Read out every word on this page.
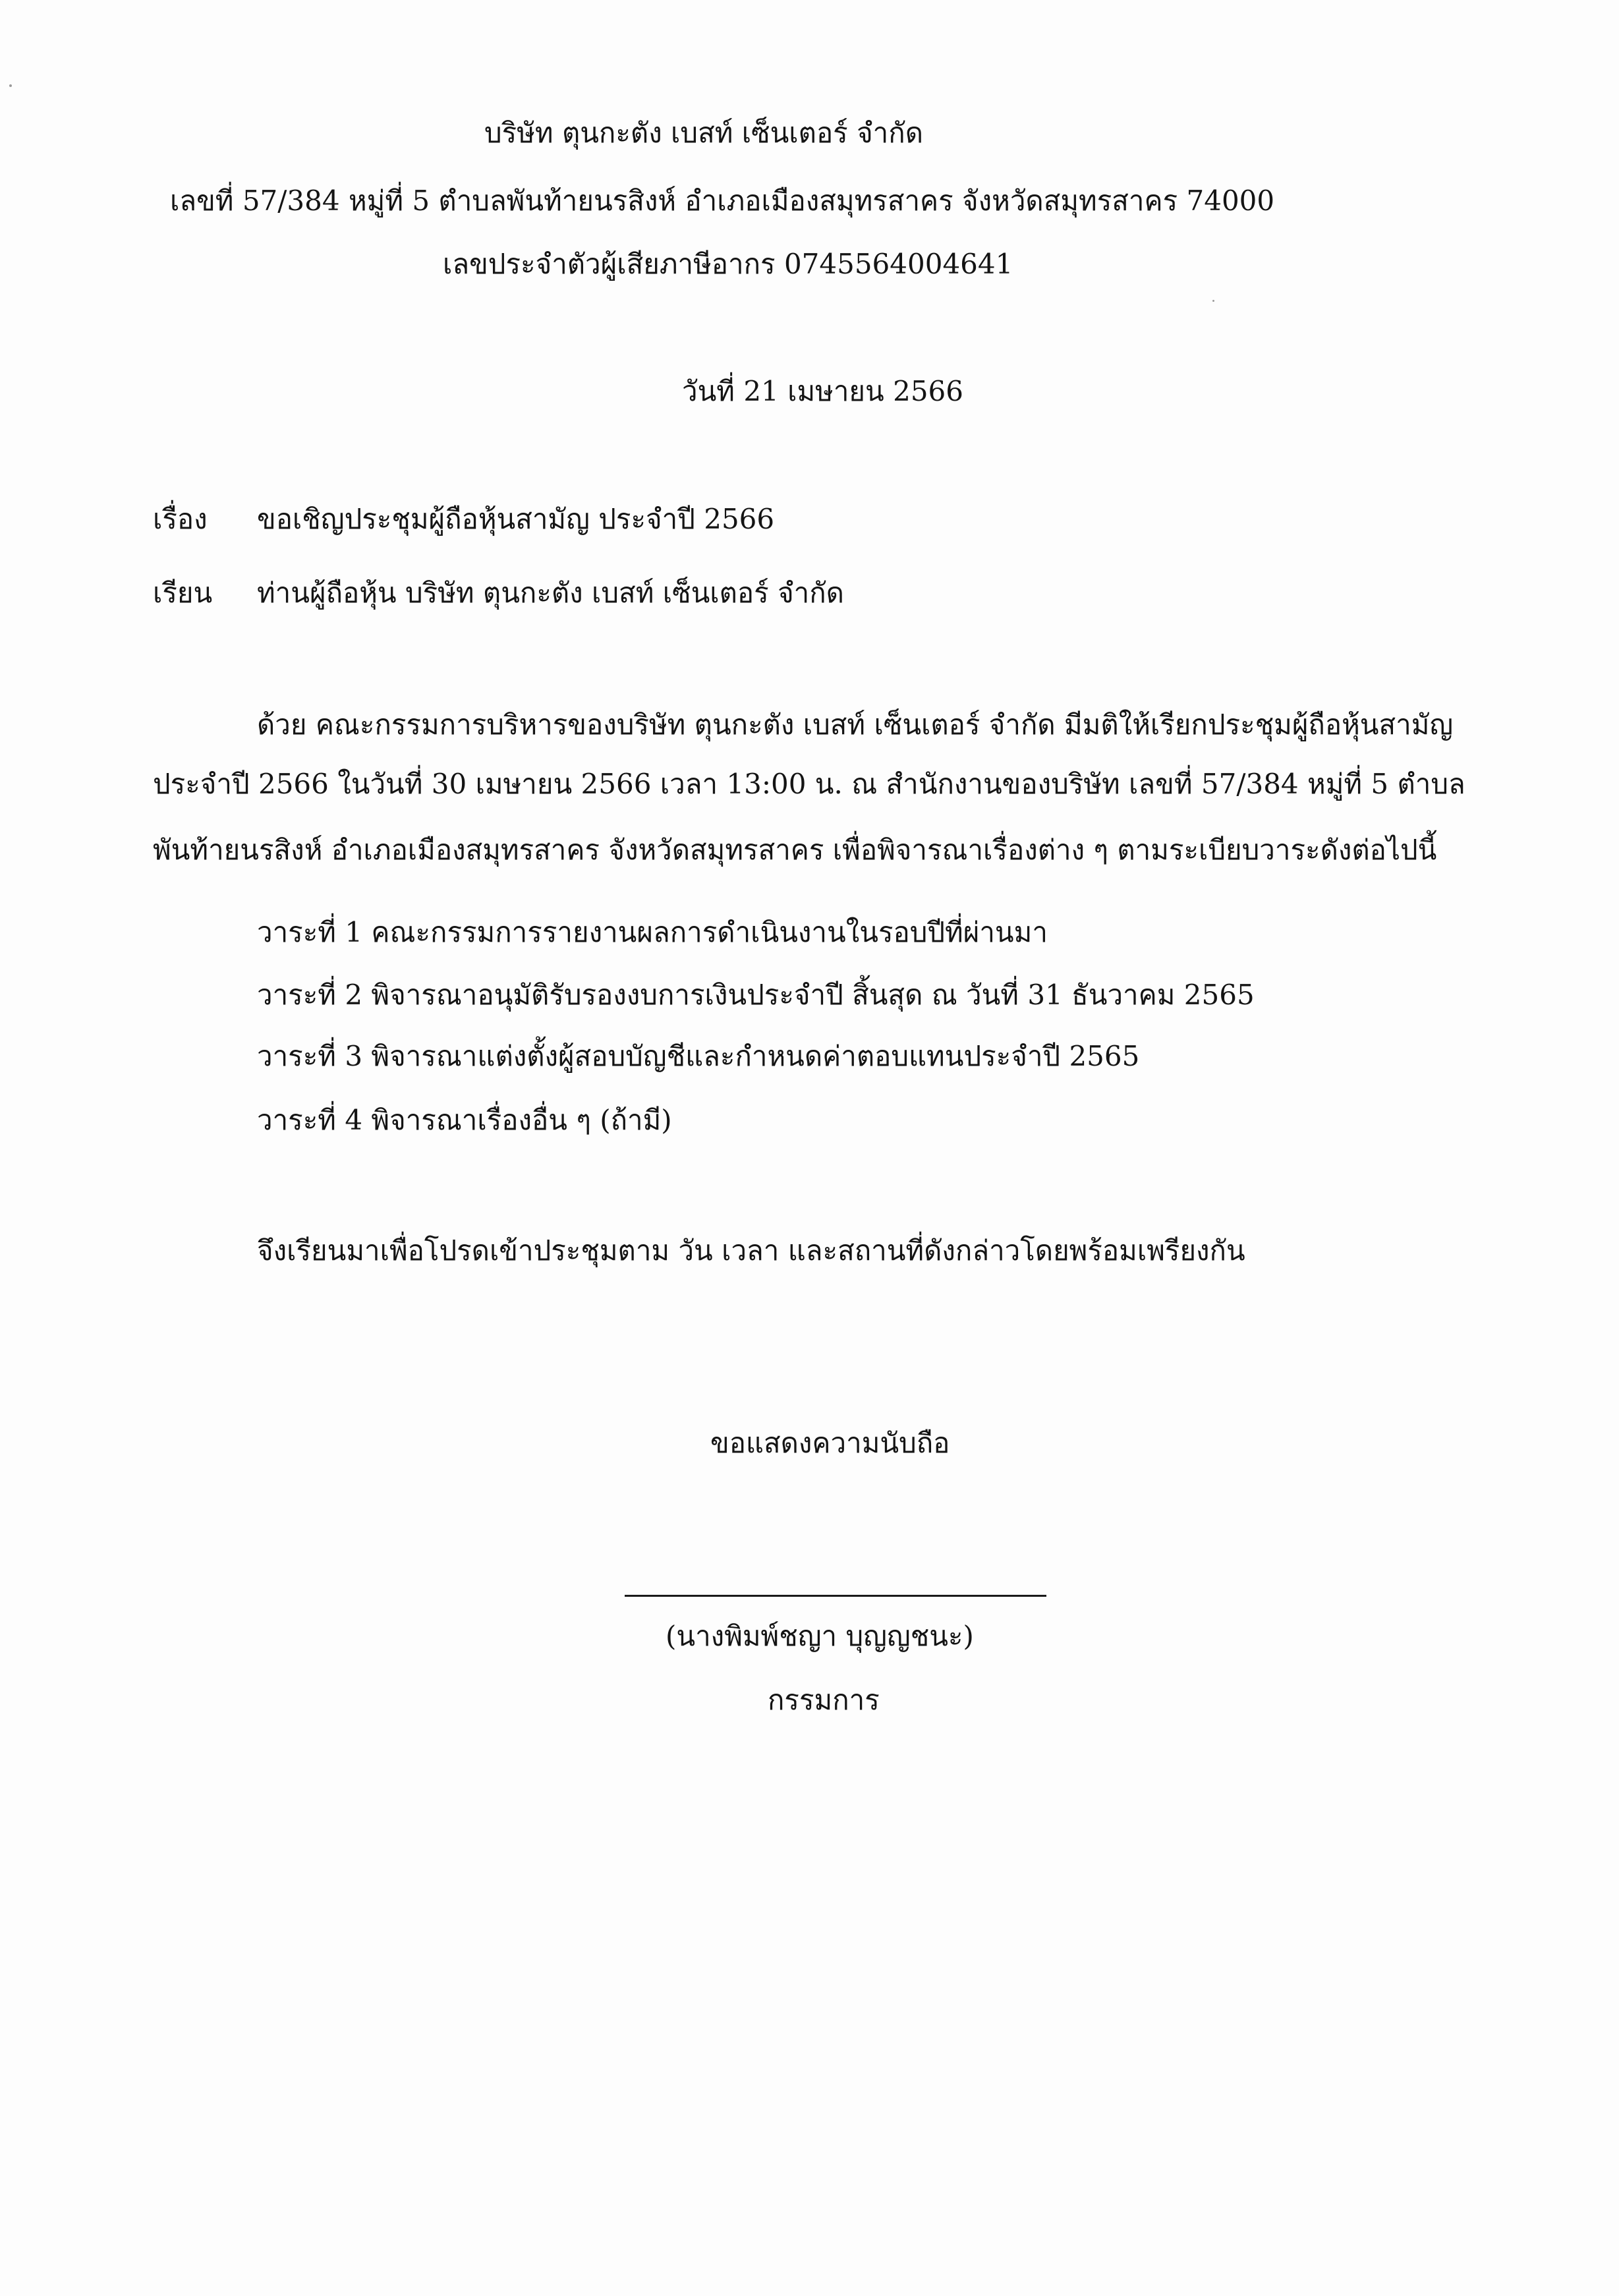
บริษัท ตุนกะตัง เบสท์ เซ็นเตอร์ จำกัด
เลขที่ 57/384 หมู่ที่ 5 ตำบลพันท้ายนรสิงห์ อำเภอเมืองสมุทรสาคร จังหวัดสมุทรสาคร 74000
เลขประจำตัวผู้เสียภาษีอากร 0745564004641
วันที่ 21 เมษายน 2566
เรื่อง ขอเชิญประชุมผู้ถือหุ้นสามัญ ประจำปี 2566
เรียน ท่านผู้ถือหุ้น บริษัท ตุนกะตัง เบสท์ เซ็นเตอร์ จำกัด
ด้วย คณะกรรมการบริหารของบริษัท ตุนกะตัง เบสท์ เซ็นเตอร์ จำกัด มีมติให้เรียกประชุมผู้ถือหุ้นสามัญ
ประจำปี 2566 ในวันที่ 30 เมษายน 2566 เวลา 13:00 น. ณ สำนักงานของบริษัท เลขที่ 57/384 หมู่ที่ 5 ตำบล
พันท้ายนรสิงห์ อำเภอเมืองสมุทรสาคร จังหวัดสมุทรสาคร เพื่อพิจารณาเรื่องต่าง ๆ ตามระเบียบวาระดังต่อไปนี้
วาระที่ 1 คณะกรรมการรายงานผลการดำเนินงานในรอบปีที่ผ่านมา
วาระที่ 2 พิจารณาอนุมัติรับรองงบการเงินประจำปี สิ้นสุด ณ วันที่ 31 ธันวาคม 2565
วาระที่ 3 พิจารณาแต่งตั้งผู้สอบบัญชีและกำหนดค่าตอบแทนประจำปี 2565
วาระที่ 4 พิจารณาเรื่องอื่น ๆ (ถ้ามี)
จึงเรียนมาเพื่อโปรดเข้าประชุมตาม วัน เวลา และสถานที่ดังกล่าวโดยพร้อมเพรียงกัน
ขอแสดงความนับถือ
(นางพิมพ์ชญา บุญญชนะ)
กรรมการ
